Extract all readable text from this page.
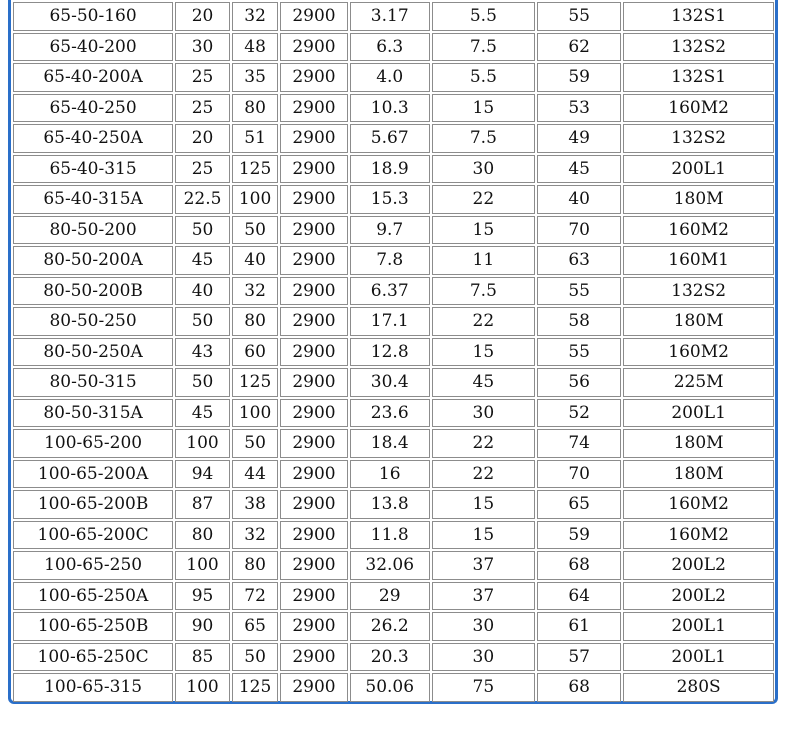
65-50-160	20	32	2900	3.17	5.5	55	132S1
65-40-200	30	48	2900	6.3	7.5	62	132S2
65-40-200A	25	35	2900	4.0	5.5	59	132S1
65-40-250	25	80	2900	10.3	15	53	160M2
65-40-250A	20	51	2900	5.67	7.5	49	132S2
65-40-315	25	125	2900	18.9	30	45	200L1
65-40-315A	22.5	100	2900	15.3	22	40	180M
80-50-200	50	50	2900	9.7	15	70	160M2
80-50-200A	45	40	2900	7.8	11	63	160M1
80-50-200B	40	32	2900	6.37	7.5	55	132S2
80-50-250	50	80	2900	17.1	22	58	180M
80-50-250A	43	60	2900	12.8	15	55	160M2
80-50-315	50	125	2900	30.4	45	56	225M
80-50-315A	45	100	2900	23.6	30	52	200L1
100-65-200	100	50	2900	18.4	22	74	180M
100-65-200A	94	44	2900	16	22	70	180M
100-65-200B	87	38	2900	13.8	15	65	160M2
100-65-200C	80	32	2900	11.8	15	59	160M2
100-65-250	100	80	2900	32.06	37	68	200L2
100-65-250A	95	72	2900	29	37	64	200L2
100-65-250B	90	65	2900	26.2	30	61	200L1
100-65-250C	85	50	2900	20.3	30	57	200L1
100-65-315	100	125	2900	50.06	75	68	280S
